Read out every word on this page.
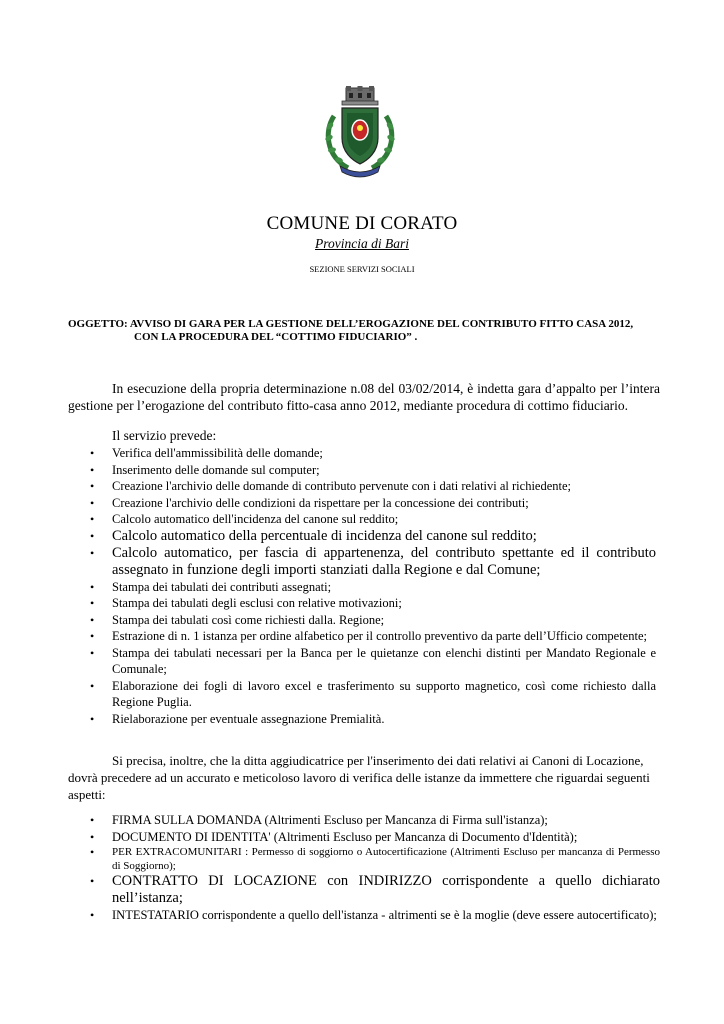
COMUNE DI CORATO
Provincia di Bari
SEZIONE SERVIZI SOCIALI
OGGETTO: AVVISO DI GARA PER LA GESTIONE DELL’EROGAZIONE DEL CONTRIBUTO FITTO CASA 2012,
CON LA PROCEDURA DEL “COTTIMO FIDUCIARIO” .
In esecuzione della propria determinazione n.08 del 03/02/2014, è indetta gara d’appalto per l’intera gestione per l’erogazione del contributo fitto-casa anno 2012, mediante procedura di cottimo fiduciario.
Il servizio prevede:
• Verifica dell'ammissibilità delle domande;
• Inserimento delle domande sul computer;
• Creazione l'archivio delle domande di contributo pervenute con i dati relativi al richiedente;
• Creazione l'archivio delle condizioni da rispettare per la concessione dei contributi;
• Calcolo automatico dell'incidenza del canone sul reddito;
• Calcolo automatico della percentuale di incidenza del canone sul reddito;
• Calcolo automatico, per fascia di appartenenza, del contributo spettante ed il contributo assegnato in funzione degli importi stanziati dalla Regione e dal Comune;
• Stampa dei tabulati dei contributi assegnati;
• Stampa dei tabulati degli esclusi con relative motivazioni;
• Stampa dei tabulati così come richiesti dalla. Regione;
• Estrazione di n. 1 istanza per ordine alfabetico per il controllo preventivo da parte dell’Ufficio competente;
• Stampa dei tabulati necessari per la Banca per le quietanze con elenchi distinti per Mandato Regionale e Comunale;
• Elaborazione dei fogli di lavoro excel e trasferimento su supporto magnetico, così come richiesto dalla Regione Puglia.
• Rielaborazione per eventuale assegnazione Premialità.
Si precisa, inoltre, che la ditta aggiudicatrice per l'inserimento dei dati relativi ai Canoni di Locazione, dovrà precedere ad un accurato e meticoloso lavoro di verifica delle istanze da immettere che riguardai seguenti aspetti:
• FIRMA SULLA DOMANDA (Altrimenti Escluso per Mancanza di Firma sull'istanza);
• DOCUMENTO DI IDENTITA' (Altrimenti Escluso per Mancanza di Documento d'Identità);
• PER EXTRACOMUNITARI : Permesso di soggiorno o Autocertificazione (Altrimenti Escluso per mancanza di Permesso di Soggiorno);
• CONTRATTO DI LOCAZIONE con INDIRIZZO corrispondente a quello dichiarato nell’istanza;
• INTESTATARIO corrispondente a quello dell'istanza - altrimenti se è la moglie (deve essere autocertificato);
